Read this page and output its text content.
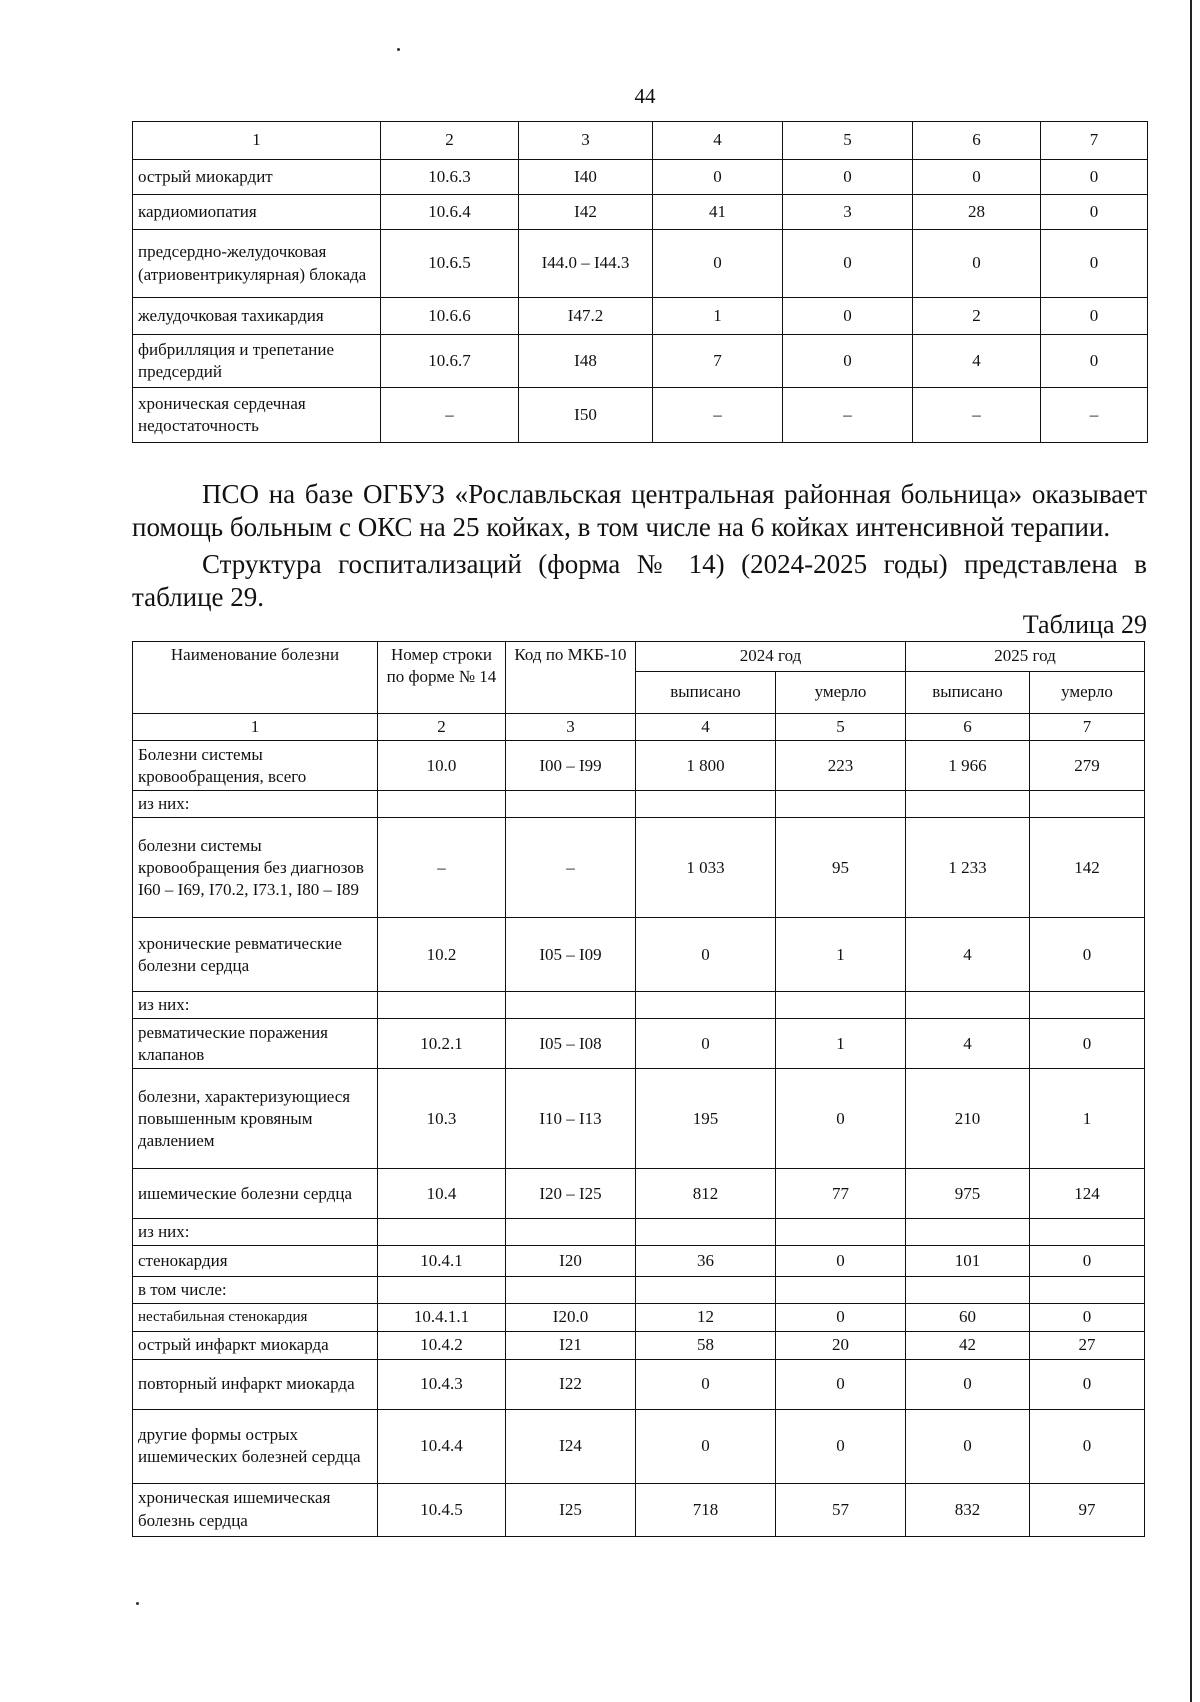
44
1	2	3	4	5	6	7
острый миокардит	10.6.3	I40	0	0	0	0
кардиомиопатия	10.6.4	I42	41	3	28	0
предсердно-желудочковая (атриовентрикулярная) блокада	10.6.5	I44.0 – I44.3	0	0	0	0
желудочковая тахикардия	10.6.6	I47.2	1	0	2	0
фибрилляция и трепетание предсердий	10.6.7	I48	7	0	4	0
хроническая сердечная недостаточность	–	I50	–	–	–	–

ПСО на базе ОГБУЗ «Рославльская центральная районная больница» оказывает помощь больным с ОКС на 25 койках, в том числе на 6 койках интенсивной терапии.

Структура госпитализаций (форма № 14) (2024-2025 годы) представлена в таблице 29.

Таблица 29
Наименование болезни	Номер строки по форме № 14	Код по МКБ-10	2024 год		2025 год	
			выписано	умерло	выписано	умерло
1	2	3	4	5	6	7
Болезни системы кровообращения, всего	10.0	I00 – I99	1 800	223	1 966	279
из них:						
болезни системы кровообращения без диагнозов I60 – I69, I70.2, I73.1, I80 – I89	–	–	1 033	95	1 233	142
хронические ревматические болезни сердца	10.2	I05 – I09	0	1	4	0
из них:						
ревматические поражения клапанов	10.2.1	I05 – I08	0	1	4	0
болезни, характеризующиеся повышенным кровяным давлением	10.3	I10 – I13	195	0	210	1
ишемические болезни сердца	10.4	I20 – I25	812	77	975	124
из них:						
стенокардия	10.4.1	I20	36	0	101	0
в том числе:						
нестабильная стенокардия	10.4.1.1	I20.0	12	0	60	0
острый инфаркт миокарда	10.4.2	I21	58	20	42	27
повторный инфаркт миокарда	10.4.3	I22	0	0	0	0
другие формы острых ишемических болезней сердца	10.4.4	I24	0	0	0	0
хроническая ишемическая болезнь сердца	10.4.5	I25	718	57	832	97
